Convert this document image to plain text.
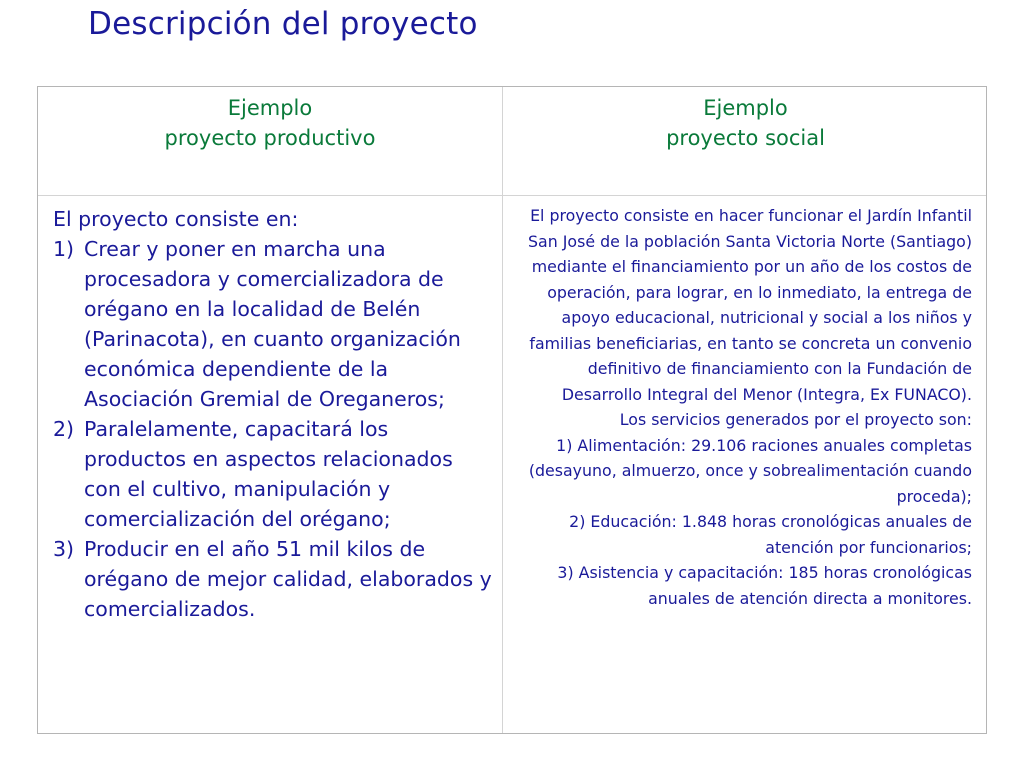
Descripción del proyecto
Ejemplo
proyecto productivo
Ejemplo
proyecto social

El proyecto consiste en:

1) Crear y poner en marcha una procesadora y comercializadora de orégano en la localidad de Belén (Parinacota), en cuanto organización económica dependiente de la Asociación Gremial de Oreganeros;
2) Paralelamente, capacitará los productos en aspectos relacionados con el cultivo, manipulación y comercialización del orégano;
3) Producir en el año 51 mil kilos de orégano de mejor calidad, elaborados y comercializados.

El proyecto consiste en hacer funcionar el Jardín Infantil San José de la población Santa Victoria Norte (Santiago) mediante el financiamiento por un año de los costos de operación, para lograr, en lo inmediato, la entrega de apoyo educacional, nutricional y social a los niños y familias beneficiarias, en tanto se concreta un convenio definitivo de financiamiento con la Fundación de Desarrollo Integral del Menor (Integra, Ex FUNACO).

Los servicios generados por el proyecto son:

1) Alimentación: 29.106 raciones anuales completas (desayuno, almuerzo, once y sobrealimentación cuando proceda);

2) Educación: 1.848 horas cronológicas anuales de atención por funcionarios;

3) Asistencia y capacitación: 185 horas cronológicas anuales de atención directa a monitores.
